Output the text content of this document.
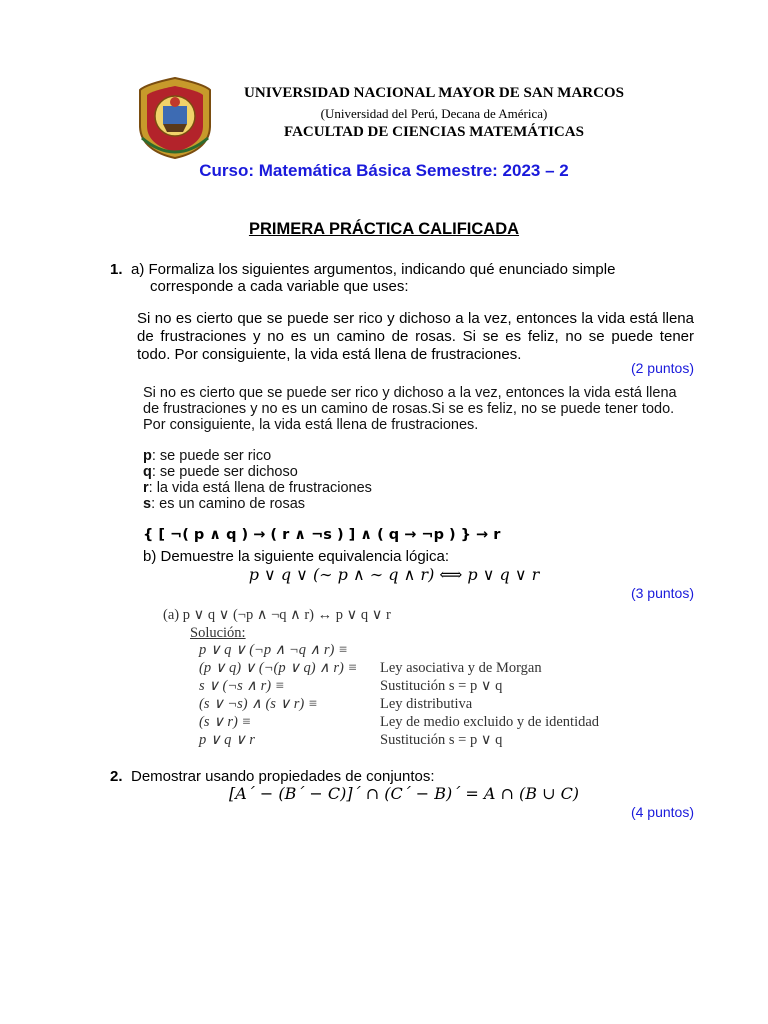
UNIVERSIDAD NACIONAL MAYOR DE SAN MARCOS
(Universidad del Perú, Decana de América)
FACULTAD DE CIENCIAS MATEMÁTICAS
Curso: Matemática Básica Semestre: 2023 – 2
PRIMERA PRÁCTICA CALIFICADA
1. a) Formaliza los siguientes argumentos, indicando qué enunciado simple
corresponde a cada variable que uses:
Si no es cierto que se puede ser rico y dichoso a la vez, entonces la vida está llena
de frustraciones y no es un camino de rosas. Si se es feliz, no se puede tener
todo. Por consiguiente, la vida está llena de frustraciones.
(2 puntos)
Si no es cierto que se puede ser rico y dichoso a la vez, entonces la vida está llena
de frustraciones y no es un camino de rosas.Si se es feliz, no se puede tener todo.
Por consiguiente, la vida está llena de frustraciones.
p: se puede ser rico
q: se puede ser dichoso
r: la vida está llena de frustraciones
s: es un camino de rosas
{ [ ¬( p ∧ q ) → ( r ∧ ¬s ) ] ∧ ( q → ¬p ) } → r
b) Demuestre la siguiente equivalencia lógica:
p ∨ q ∨ (∼ p ∧ ∼ q ∧ r) ⟺ p ∨ q ∨ r
(3 puntos)
(a) p ∨ q ∨ (¬p ∧ ¬q ∧ r) ↔ p ∨ q ∨ r
Solución:
p ∨ q ∨ (¬p ∧ ¬q ∧ r) ≡
(p ∨ q) ∨ (¬(p ∨ q) ∧ r) ≡ Ley asociativa y de Morgan
s ∨ (¬s ∧ r) ≡	Sustitución s = p ∨ q
(s ∨ ¬s) ∧ (s ∨ r) ≡	Ley distributiva
(s ∨ r) ≡	Ley de medio excluido y de identidad
p ∨ q ∨ r	Sustitución s = p ∨ q
2. Demostrar usando propiedades de conjuntos:
[A´ − (B´ − C)]´ ∩ (C´ − B)´ = A ∩ (B ∪ C)
(4 puntos)
